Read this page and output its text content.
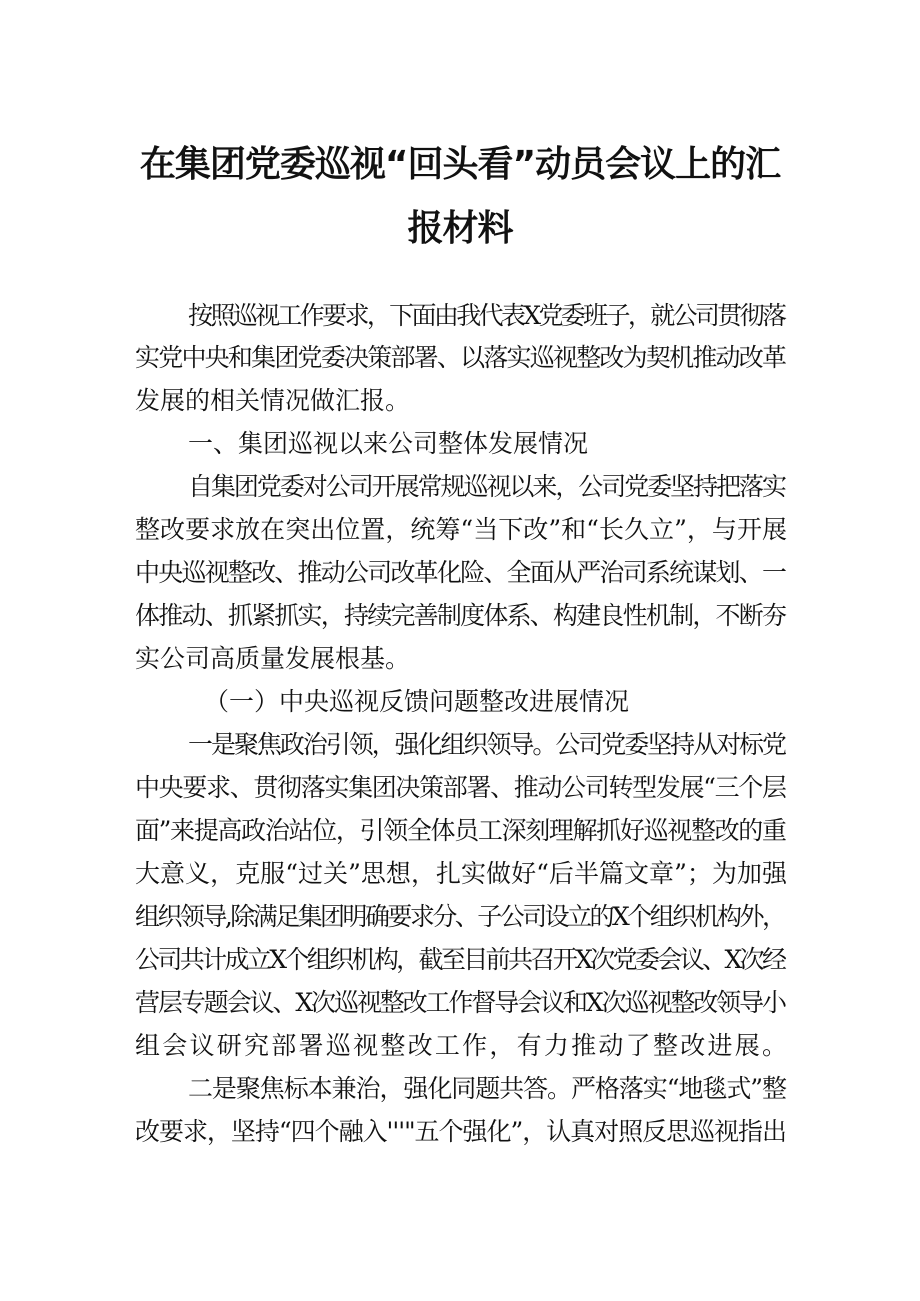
在集团党委巡视“回头看”动员会议上的汇
报材料
按照巡视工作要求，下面由我代表X党委班子，就公司贯彻落
实党中央和集团党委决策部署、以落实巡视整改为契机推动改革
发展的相关情况做汇报。
一、集团巡视以来公司整体发展情况
自集团党委对公司开展常规巡视以来，公司党委坚持把落实
整改要求放在突出位置，统筹“当下改”和“长久立”，与开展
中央巡视整改、推动公司改革化险、全面从严治司系统谋划、一
体推动、抓紧抓实，持续完善制度体系、构建良性机制，不断夯
实公司高质量发展根基。
（一）中央巡视反馈问题整改进展情况
一是聚焦政治引领，强化组织领导。公司党委坚持从对标党
中央要求、贯彻落实集团决策部署、推动公司转型发展“三个层
面”来提高政治站位，引领全体员工深刻理解抓好巡视整改的重
大意义，克服“过关”思想，扎实做好“后半篇文章”；为加强
组织领导,除满足集团明确要求分、子公司设立的X个组织机构外，
公司共计成立X个组织机构，截至目前共召开X次党委会议、X次经
营层专题会议、X次巡视整改工作督导会议和X次巡视整改领导小
组会议研究部署巡视整改工作，有力推动了整改进展。
二是聚焦标本兼治，强化同题共答。严格落实“地毯式”整
改要求，坚持“四个融入'''"五个强化”，认真对照反思巡视指出
